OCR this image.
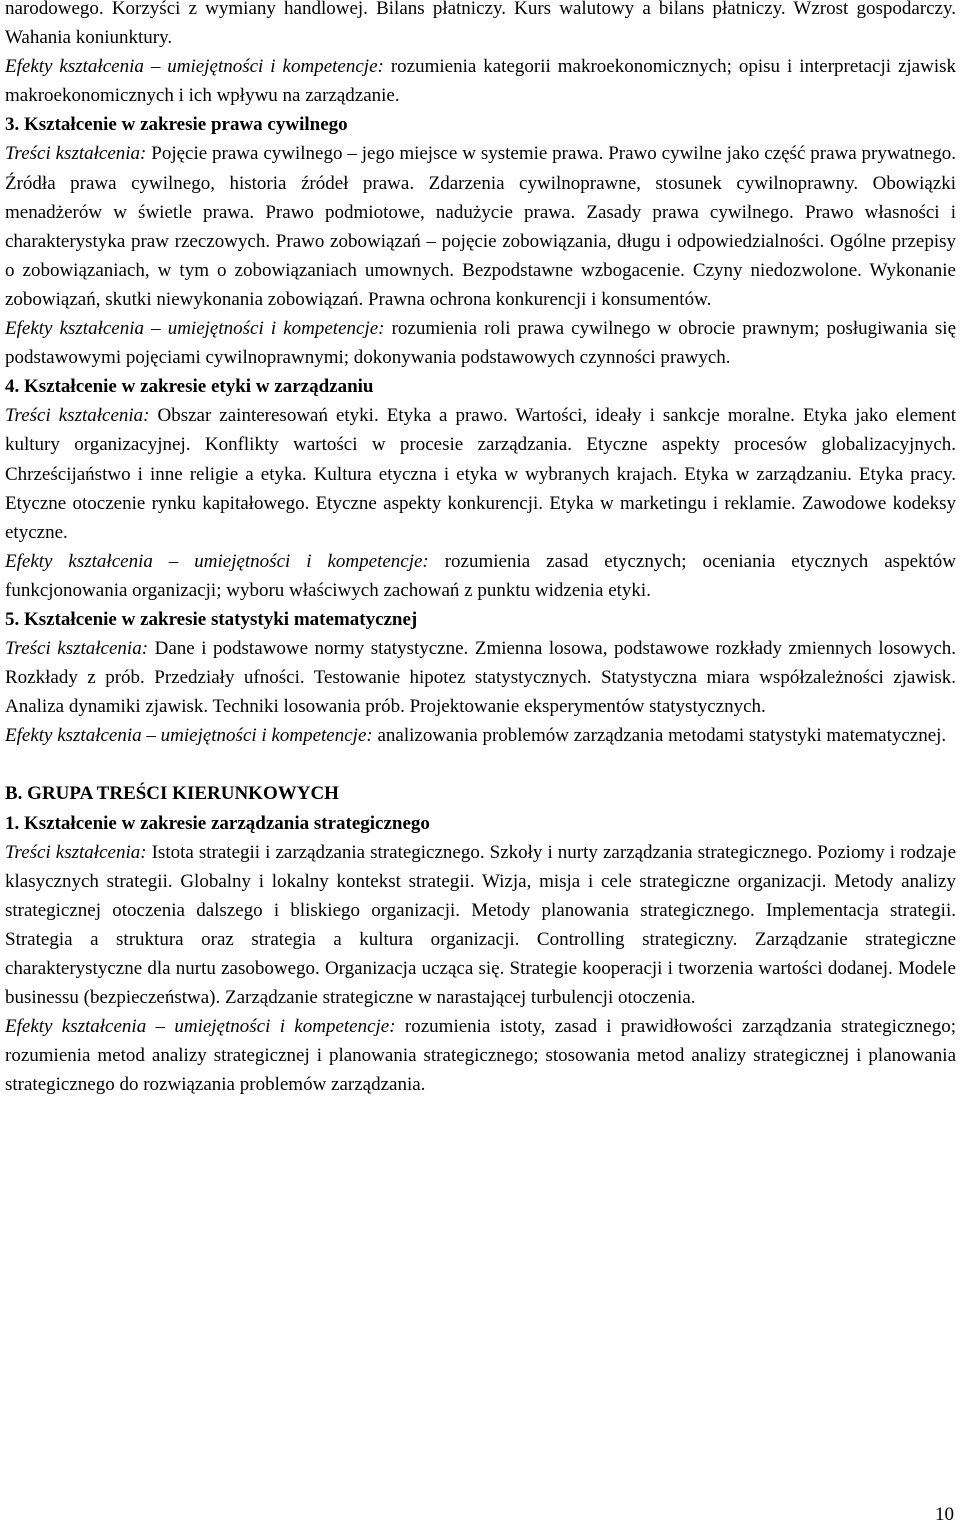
narodowego. Korzyści z wymiany handlowej. Bilans płatniczy. Kurs walutowy a bilans płatniczy. Wzrost gospodarczy. Wahania koniunktury.

Efekty kształcenia – umiejętności i kompetencje: rozumienia kategorii makroekonomicznych; opisu i interpretacji zjawisk makroekonomicznych i ich wpływu na zarządzanie.

3. Kształcenie w zakresie prawa cywilnego

Treści kształcenia: Pojęcie prawa cywilnego – jego miejsce w systemie prawa. Prawo cywilne jako część prawa prywatnego. Źródła prawa cywilnego, historia źródeł prawa. Zdarzenia cywilnoprawne, stosunek cywilnoprawny. Obowiązki menadżerów w świetle prawa. Prawo podmiotowe, nadużycie prawa. Zasady prawa cywilnego. Prawo własności i charakterystyka praw rzeczowych. Prawo zobowiązań – pojęcie zobowiązania, długu i odpowiedzialności. Ogólne przepisy o zobowiązaniach, w tym o zobowiązaniach umownych. Bezpodstawne wzbogacenie. Czyny niedozwolone. Wykonanie zobowiązań, skutki niewykonania zobowiązań. Prawna ochrona konkurencji i konsumentów.

Efekty kształcenia – umiejętności i kompetencje: rozumienia roli prawa cywilnego w obrocie prawnym; posługiwania się podstawowymi pojęciami cywilnoprawnymi; dokonywania podstawowych czynności prawych.

4. Kształcenie w zakresie etyki w zarządzaniu

Treści kształcenia: Obszar zainteresowań etyki. Etyka a prawo. Wartości, ideały i sankcje moralne. Etyka jako element kultury organizacyjnej. Konflikty wartości w procesie zarządzania. Etyczne aspekty procesów globalizacyjnych. Chrześcijaństwo i inne religie a etyka. Kultura etyczna i etyka w wybranych krajach. Etyka w zarządzaniu. Etyka pracy. Etyczne otoczenie rynku kapitałowego. Etyczne aspekty konkurencji. Etyka w marketingu i reklamie. Zawodowe kodeksy etyczne.

Efekty kształcenia – umiejętności i kompetencje: rozumienia zasad etycznych; oceniania etycznych aspektów funkcjonowania organizacji; wyboru właściwych zachowań z punktu widzenia etyki.

5. Kształcenie w zakresie statystyki matematycznej

Treści kształcenia: Dane i podstawowe normy statystyczne. Zmienna losowa, podstawowe rozkłady zmiennych losowych. Rozkłady z prób. Przedziały ufności. Testowanie hipotez statystycznych. Statystyczna miara współzależności zjawisk. Analiza dynamiki zjawisk. Techniki losowania prób. Projektowanie eksperymentów statystycznych.

Efekty kształcenia – umiejętności i kompetencje: analizowania problemów zarządzania metodami statystyki matematycznej.

B. GRUPA TREŚCI KIERUNKOWYCH

1. Kształcenie w zakresie zarządzania strategicznego

Treści kształcenia: Istota strategii i zarządzania strategicznego. Szkoły i nurty zarządzania strategicznego. Poziomy i rodzaje klasycznych strategii. Globalny i lokalny kontekst strategii. Wizja, misja i cele strategiczne organizacji. Metody analizy strategicznej otoczenia dalszego i bliskiego organizacji. Metody planowania strategicznego. Implementacja strategii. Strategia a struktura oraz strategia a kultura organizacji. Controlling strategiczny. Zarządzanie strategiczne charakterystyczne dla nurtu zasobowego. Organizacja ucząca się. Strategie kooperacji i tworzenia wartości dodanej. Modele businessu (bezpieczeństwa). Zarządzanie strategiczne w narastającej turbulencji otoczenia.

Efekty kształcenia – umiejętności i kompetencje: rozumienia istoty, zasad i prawidłowości zarządzania strategicznego; rozumienia metod analizy strategicznej i planowania strategicznego; stosowania metod analizy strategicznej i planowania strategicznego do rozwiązania problemów zarządzania.

10
